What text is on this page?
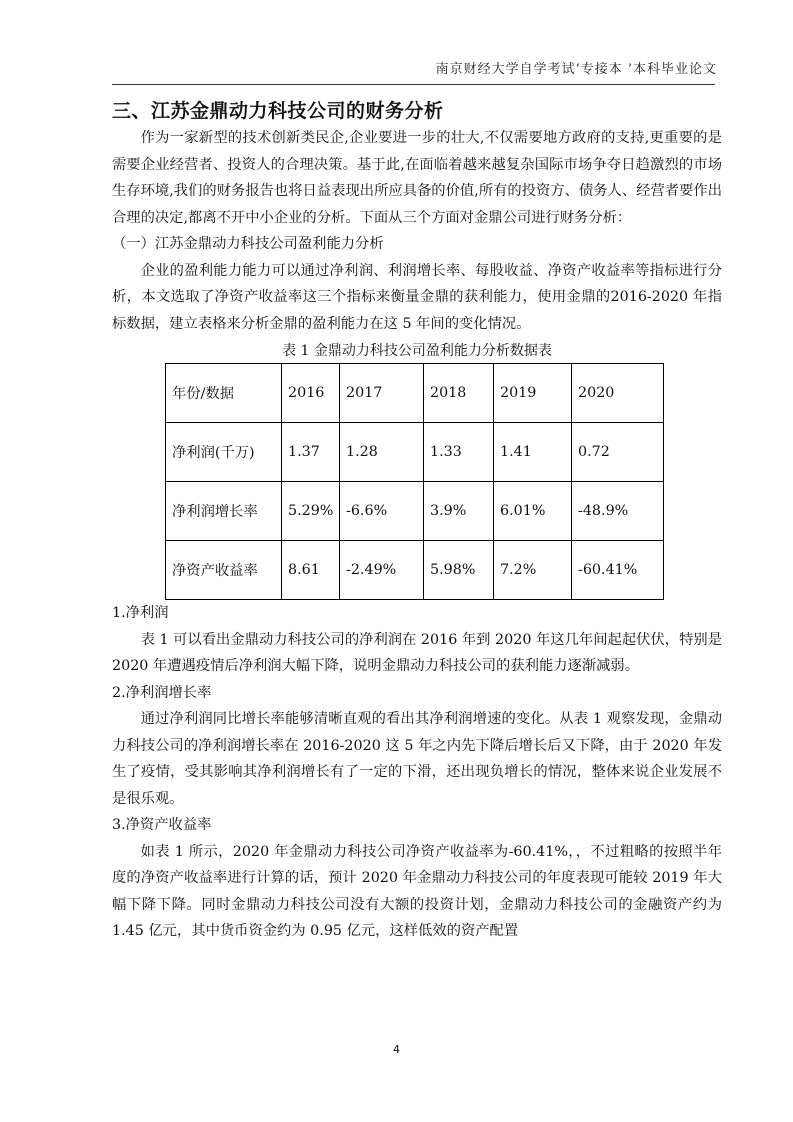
南京财经大学自学考试‘专接本 ’本科毕业论文
三、江苏金鼎动力科技公司的财务分析

作为一家新型的技术创新类民企,企业要进一步的壮大,不仅需要地方政府的支持,更重要的是需要企业经营者、投资人的合理决策。基于此,在面临着越来越复杂国际市场争夺日趋激烈的市场生存环境,我们的财务报告也将日益表现出所应具备的价值,所有的投资方、债务人、经营者要作出合理的决定,都离不开中小企业的分析。下面从三个方面对金鼎公司进行财务分析：

（一）江苏金鼎动力科技公司盈利能力分析

企业的盈利能力能力可以通过净利润、利润增长率、每股收益、净资产收益率等指标进行分析，本文选取了净资产收益率这三个指标来衡量金鼎的获利能力，使用金鼎的2016-2020 年指标数据，建立表格来分析金鼎的盈利能力在这 5 年间的变化情况。

表 1 金鼎动力科技公司盈利能力分析数据表
年份/数据	2016	2017	2018	2019	2020
净利润(千万)	1.37	1.28	1.33	1.41	0.72
净利润增长率	5.29%	-6.6%	3.9%	6.01%	-48.9%
净资产收益率	8.61	-2.49%	5.98%	7.2%	-60.41%
1.净利润

表 1 可以看出金鼎动力科技公司的净利润在 2016 年到 2020 年这几年间起起伏伏，特别是 2020 年遭遇疫情后净利润大幅下降，说明金鼎动力科技公司的获利能力逐渐减弱。

2.净利润增长率

通过净利润同比增长率能够清晰直观的看出其净利润增速的变化。从表 1 观察发现，金鼎动力科技公司的净利润增长率在 2016-2020 这 5 年之内先下降后增长后又下降，由于 2020 年发生了疫情，受其影响其净利润增长有了一定的下滑，还出现负增长的情况，整体来说企业发展不是很乐观。

3.净资产收益率

如表 1 所示，2020 年金鼎动力科技公司净资产收益率为-60.41%，，不过粗略的按照半年度的净资产收益率进行计算的话，预计 2020 年金鼎动力科技公司的年度表现可能较 2019 年大幅下降下降。同时金鼎动力科技公司没有大额的投资计划，金鼎动力科技公司的金融资产约为 1.45 亿元，其中货币资金约为 0.95 亿元，这样低效的资产配置

4
